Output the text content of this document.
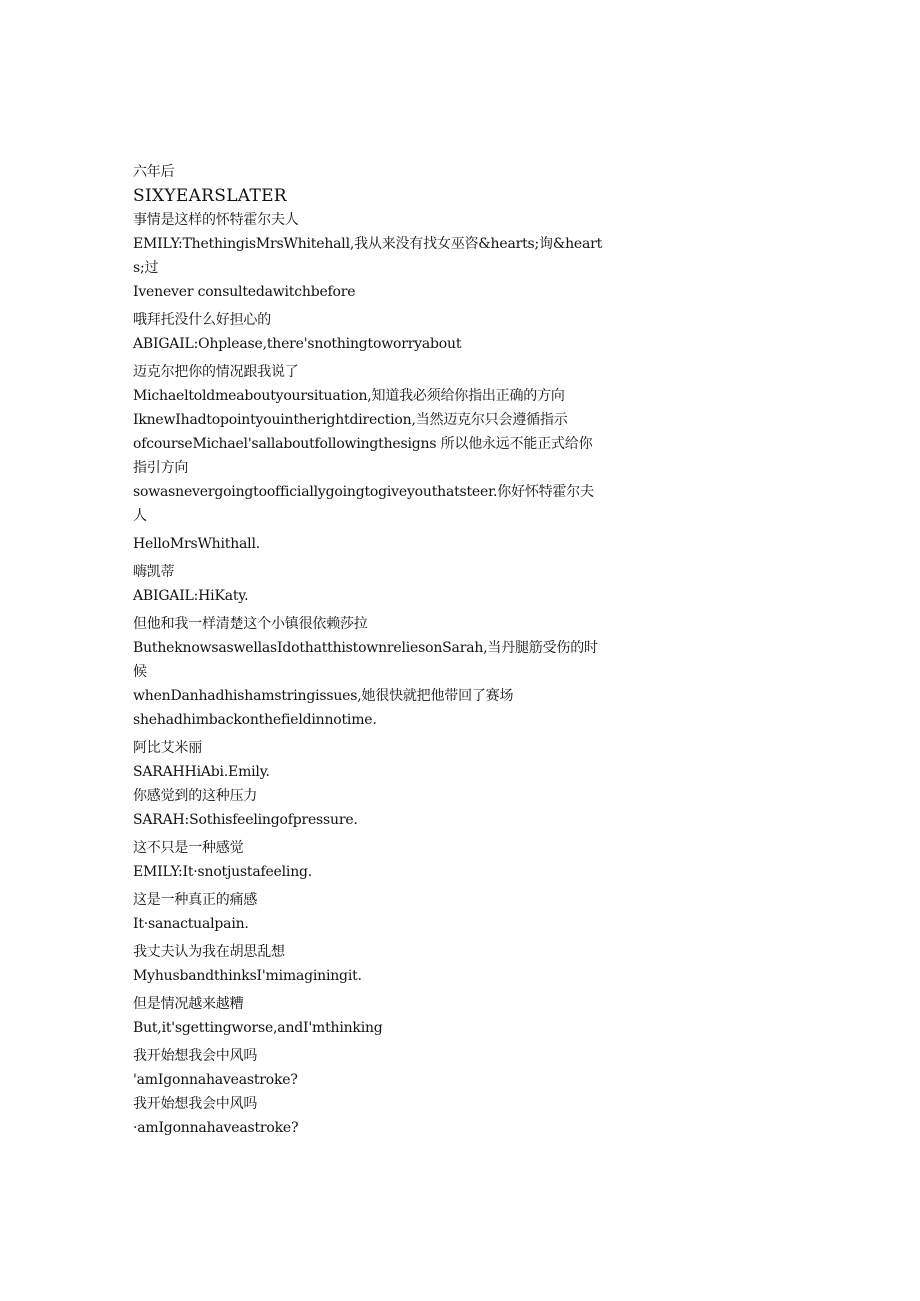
六年后
SIXYEARSLATER
事情是这样的怀特霍尔夫人
EMILY:ThethingisMrsWhitehall,我从来没有找女巫咨&hearts;询&hearts;过
Ivenever consultedawitchbefore
哦拜托没什么好担心的
ABIGAIL:Ohplease,there'snothingtoworryabout
迈克尔把你的情况跟我说了
Michaeltoldmeaboutyoursituation,知道我必须给你指出正确的方向
IknewIhadtopointyouintherightdirection,当然迈克尔只会遵循指示
ofcourseMichael'sallaboutfollowingthesigns 所以他永远不能正式给你指引方向
sowasnevergoingtoofficiallygoingtogiveyouthatsteer.你好怀特霍尔夫人
HelloMrsWhithall.
嗨凯蒂
ABIGAIL:HiKaty.
但他和我一样清楚这个小镇很依赖莎拉
ButheknowsaswellasIdothatthistownreliesonSarah,当丹腿筋受伤的时候
whenDanhadhishamstringissues,她很快就把他带回了赛场
shehadhimbackonthefieldinnotime.
阿比艾米丽
SARAHHiAbi.Emily.
你感觉到的这种压力
SARAH:Sothisfeelingofpressure.
这不只是一种感觉
EMILY:It·snotjustafeeling.
这是一种真正的痛感
It·sanactualpain.
我丈夫认为我在胡思乱想
MyhusbandthinksI'mimaginingit.
但是情况越来越糟
But,it'sgettingworse,andI'mthinking
我开始想我会中风吗
'amIgonnahaveastroke?
我开始想我会中风吗
·amIgonnahaveastroke?
